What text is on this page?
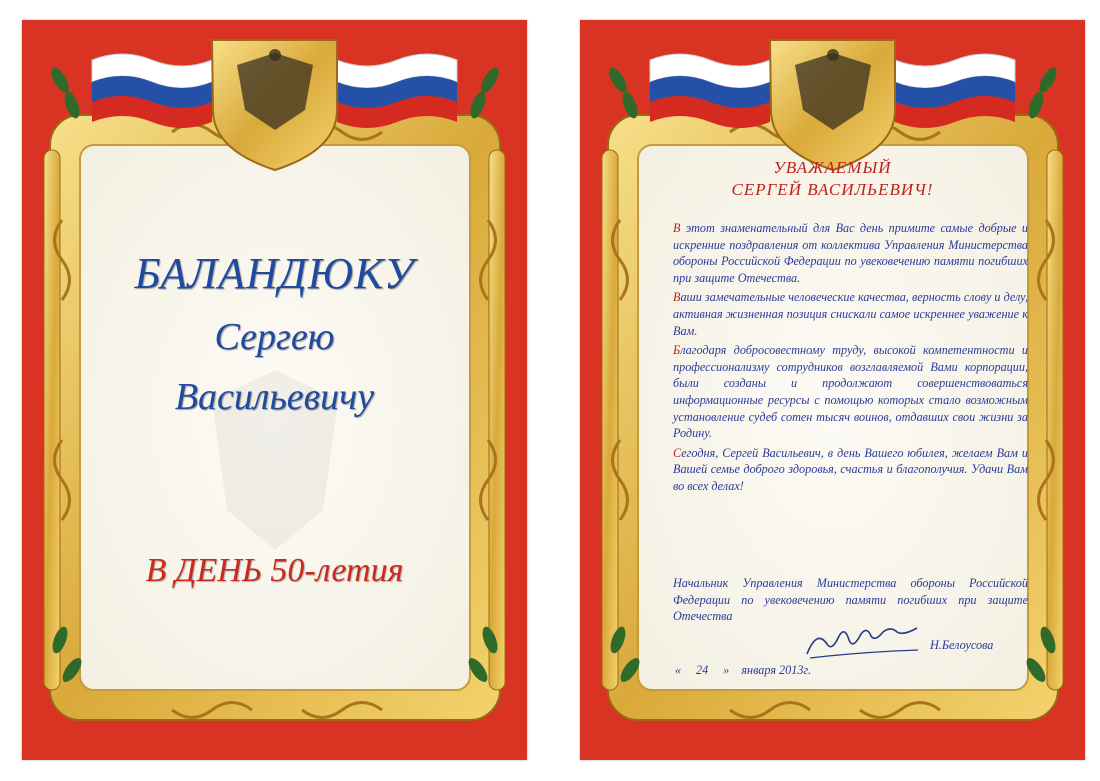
БАЛАНДЮКУ
Сергею
Васильевичу
В ДЕНЬ 50-летия
УВАЖАЕМЫЙ
СЕРГЕЙ ВАСИЛЬЕВИЧ!

В этот знаменательный для Вас день примите самые добрые и искренние поздравления от коллектива Управления Министерства обороны Российской Федерации по увековечению памяти погибших при защите Отечества.

Ваши замечательные человеческие качества, верность слову и делу, активная жизненная позиция снискали самое искреннее уважение к Вам.

Благодаря добросовестному труду, высокой компетентности и профессионализму сотрудников возглавляемой Вами корпорации, были созданы и продолжают совершенствоваться информационные ресурсы с помощью которых стало возможным установление судеб сотен тысяч воинов, отдавших свои жизни за Родину.

Сегодня, Сергей Васильевич, в день Вашего юбилея, желаем Вам и Вашей семье доброго здоровья, счастья и благополучия. Удачи Вам во всех делах!

Начальник Управления Министерства обороны Российской Федерации по увековечению памяти погибших при защите Отечества
Н.Белоусова
« 24 » января 2013г.
